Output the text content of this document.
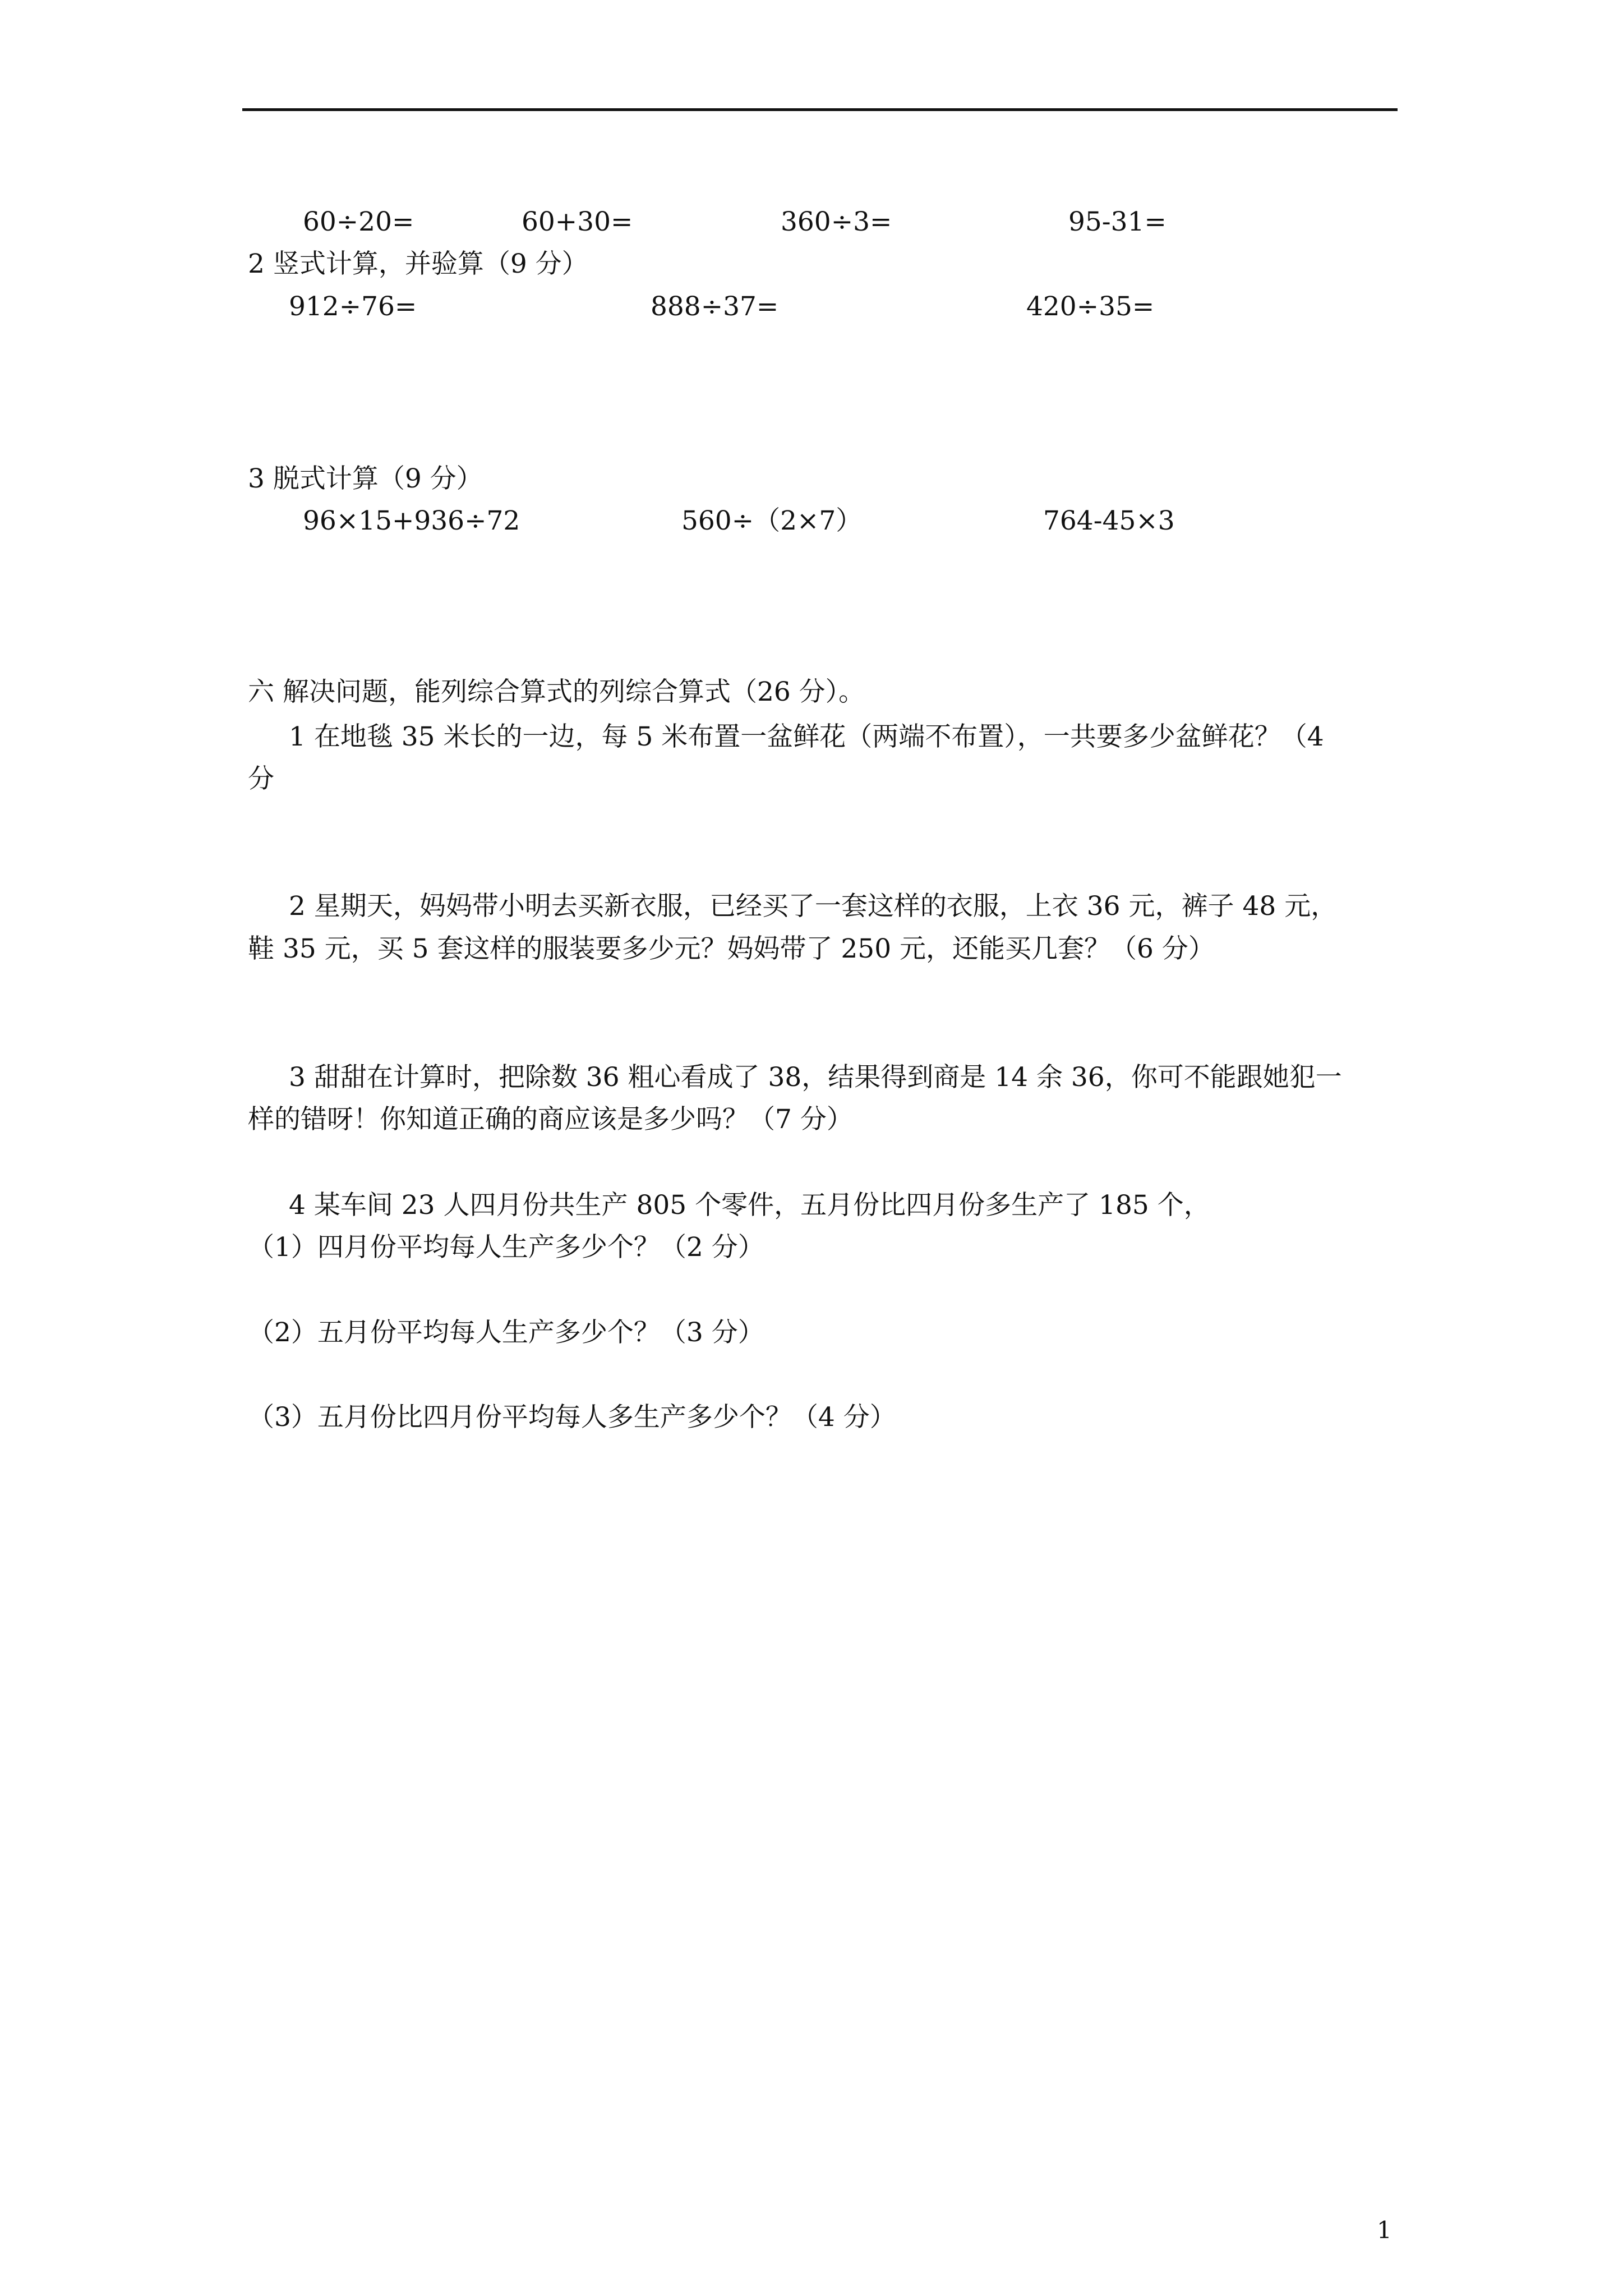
60÷20=	60+30=	360÷3=	95-31=
2 竖式计算，并验算（9 分）
912÷76=	888÷37=	420÷35=
3 脱式计算（9 分）
96×15+936÷72	560÷（2×7）	764-45×3
六 解决问题，能列综合算式的列综合算式（26 分）。
1 在地毯 35 米长的一边，每 5 米布置一盆鲜花（两端不布置），一共要多少盆鲜花？（4
分
2 星期天，妈妈带小明去买新衣服，已经买了一套这样的衣服，上衣 36 元，裤子 48 元，
鞋 35 元，买 5 套这样的服装要多少元？妈妈带了 250 元，还能买几套？（6 分）
3 甜甜在计算时，把除数 36 粗心看成了 38，结果得到商是 14 余 36，你可不能跟她犯一
样的错呀！你知道正确的商应该是多少吗？（7 分）
4 某车间 23 人四月份共生产 805 个零件，五月份比四月份多生产了 185 个，
（1）四月份平均每人生产多少个？（2 分）
（2）五月份平均每人生产多少个？（3 分）
（3）五月份比四月份平均每人多生产多少个？（4 分）
1
